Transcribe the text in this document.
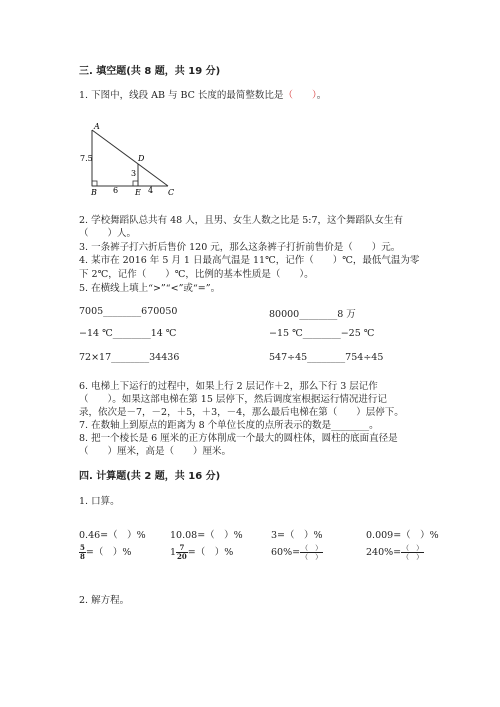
三. 填空题(共 8 题，共 19 分)
1. 下图中，线段 AB 与 BC 长度的最简整数比是（　　）。
A
B	C
D
E
7.5
3
6	4
2. 学校舞蹈队总共有 48 人，且男、女生人数之比是 5:7，这个舞蹈队女生有
（　　）人。
3. 一条裤子打六折后售价 120 元，那么这条裤子打折前售价是（　　）元。
4. 某市在 2016 年 5 月 1 日最高气温是 11℃，记作（　　）℃，最低气温为零
下 2℃，记作（　　）℃，比例的基本性质是（　　）。
5. 在横线上填上“>”“<”或“=”。
7005________670050	80000________8 万
−14 ℃________14 ℃	−15 ℃________−25 ℃
72×17________34436	547÷45________754÷45
6. 电梯上下运行的过程中，如果上行 2 层记作＋2，那么下行 3 层记作
（　　）。如果这部电梯在第 15 层停下，然后调度室根据运行情况进行记
录，依次是－7，－2，＋5，＋3，－4，那么最后电梯在第（　　）层停下。
7. 在数轴上到原点的距离为 8 个单位长度的点所表示的数是________。
8. 把一个棱长是 6 厘米的正方体削成一个最大的圆柱体，圆柱的底面直径是
（　　）厘米，高是（　　）厘米。
四. 计算题(共 2 题，共 16 分)
1. 口算。
0.46=（　）%	10.08=（　）%	3=（　）%	0.009=（　）%
$\frac{5}{8}$ =（　）%	$1 \frac{7}{20}$ =（　）%	$60\%= \frac{( )}{( )}$	$240\%= \frac{( )}{( )}$
2. 解方程。
